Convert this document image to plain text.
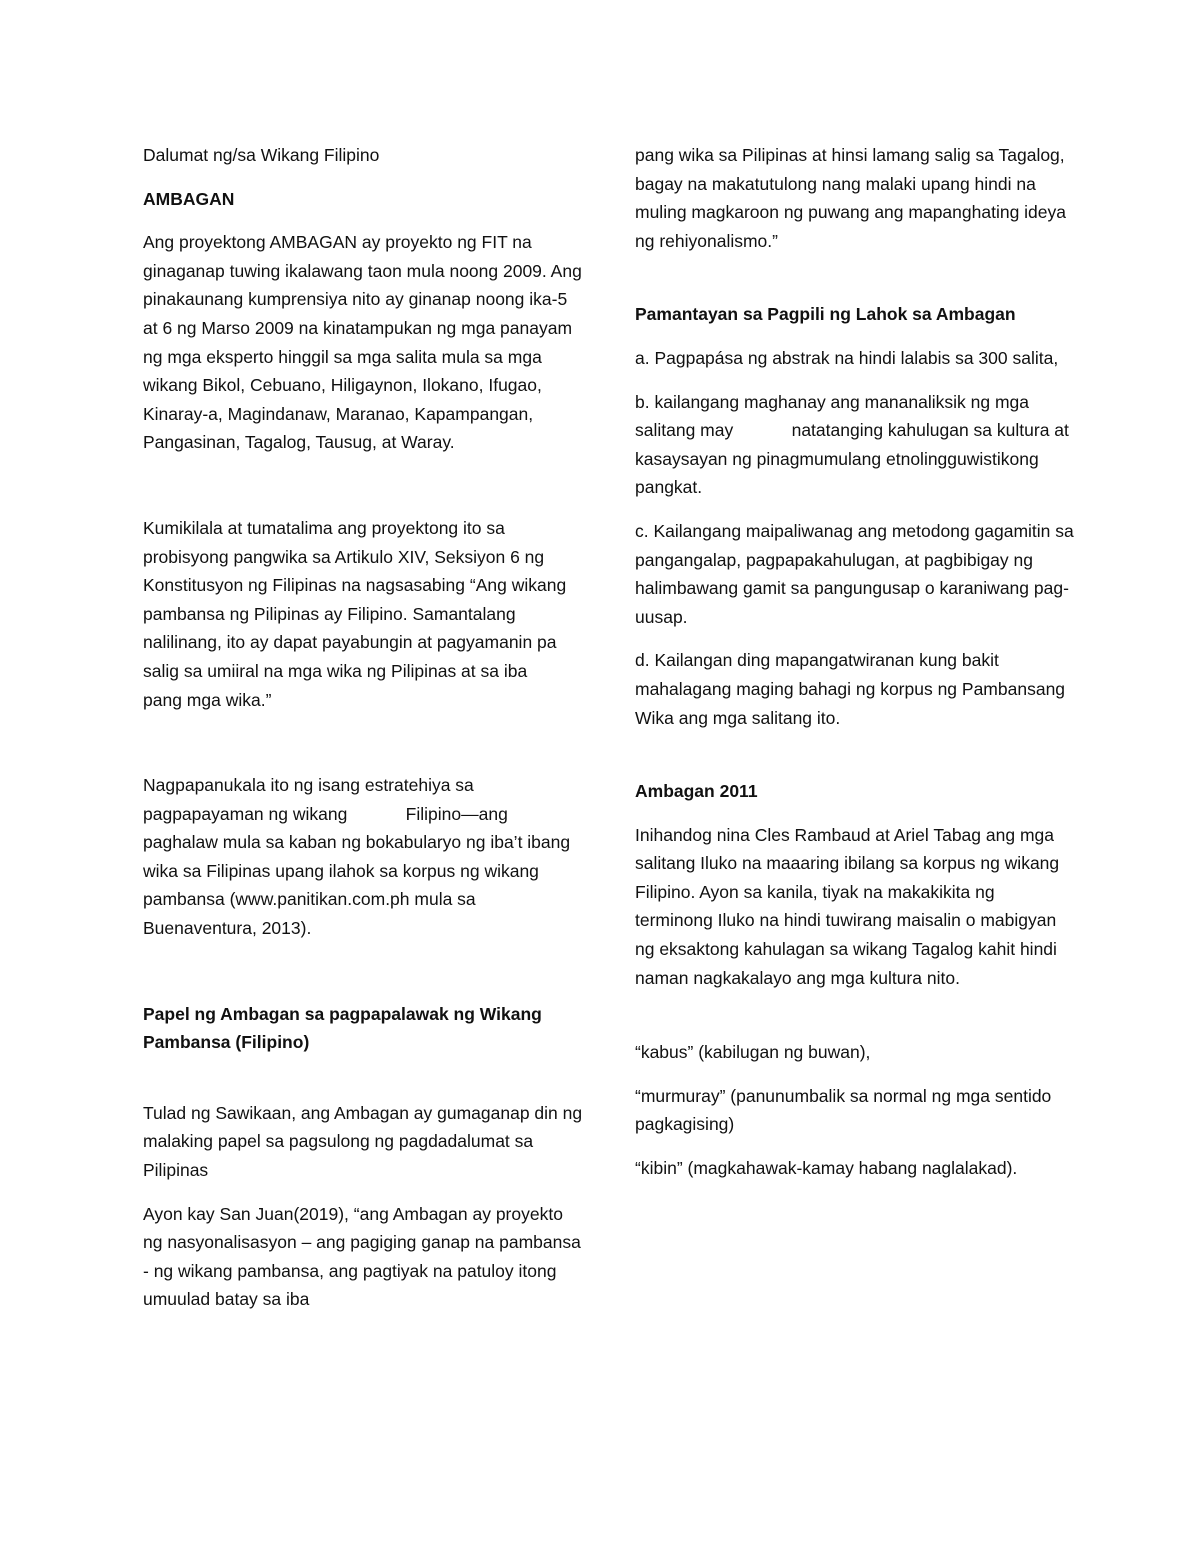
Dalumat ng/sa Wikang Filipino

AMBAGAN

Ang proyektong AMBAGAN ay proyekto ng FIT na ginaganap tuwing ikalawang taon mula noong 2009. Ang pinakaunang kumprensiya nito ay ginanap noong ika-5 at 6 ng Marso 2009 na kinatampukan ng mga panayam ng mga eksperto hinggil sa mga salita mula sa mga wikang Bikol, Cebuano, Hiligaynon, Ilokano, Ifugao, Kinaray-a, Magindanaw, Maranao, Kapampangan, Pangasinan, Tagalog, Tausug, at Waray.

Kumikilala at tumatalima ang proyektong ito sa probisyong pangwika sa Artikulo XIV, Seksiyon 6 ng Konstitusyon ng Filipinas na nagsasabing “Ang wikang pambansa ng Pilipinas ay Filipino. Samantalang nalilinang, ito ay dapat payabungin at pagyamanin pa salig sa umiiral na mga wika ng Pilipinas at sa iba        pang mga wika.”

Nagpapanukala ito ng isang estratehiya sa pagpapayaman ng wikang            Filipino—ang paghalaw mula sa kaban ng bokabularyo ng iba’t ibang wika sa Filipinas upang ilahok sa korpus ng wikang pambansa (www.panitikan.com.ph mula sa Buenaventura, 2013).

Papel ng Ambagan sa pagpapalawak ng Wikang Pambansa (Filipino)

Tulad ng Sawikaan, ang Ambagan ay gumaganap din ng malaking papel sa pagsulong ng pagdadalumat sa Pilipinas

Ayon kay San Juan(2019), “ang Ambagan ay proyekto ng nasyonalisasyon – ang pagiging ganap na pambansa - ng wikang pambansa, ang pagtiyak na patuloy itong umuulad batay sa iba

pang wika sa Pilipinas at hinsi lamang salig sa Tagalog, bagay na makatutulong nang malaki upang hindi na muling magkaroon ng puwang ang mapanghating ideya ng rehiyonalismo.”

Pamantayan sa Pagpili ng Lahok sa Ambagan

a. Pagpapása ng abstrak na hindi lalabis sa 300 salita,

b. kailangang maghanay ang mananaliksik ng mga salitang may            natatanging kahulugan sa kultura at kasaysayan ng pinagmumulang etnolingguwistikong pangkat.

c. Kailangang maipaliwanag ang metodong gagamitin sa pangangalap, pagpapakahulugan, at pagbibigay ng halimbawang gamit sa pangungusap o karaniwang pag-uusap.

d. Kailangan ding mapangatwiranan kung bakit mahalagang maging bahagi ng korpus ng Pambansang Wika ang mga salitang ito.

Ambagan 2011

Inihandog nina Cles Rambaud at Ariel Tabag ang mga salitang Iluko na maaaring ibilang sa korpus ng wikang Filipino. Ayon sa kanila, tiyak na makakikita ng terminong Iluko na hindi tuwirang maisalin o mabigyan ng eksaktong kahulagan sa wikang Tagalog kahit hindi naman nagkakalayo ang mga kultura nito.

“kabus” (kabilugan ng buwan),

“murmuray” (panunumbalik sa normal ng mga sentido pagkagising)

“kibin” (magkahawak-kamay habang naglalakad).
